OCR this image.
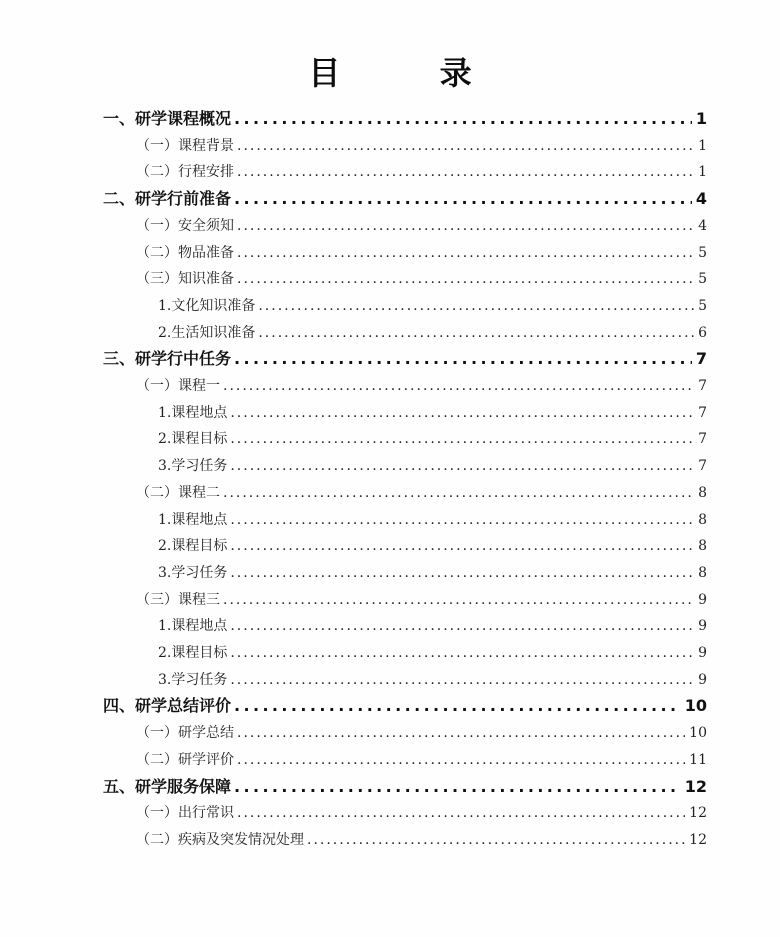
目 录
一、研学课程概况 .....	1
（一）课程背景 .....	1
（二）行程安排 .....	1
二、研学行前准备 .....	4
（一）安全须知 .....	4
（二）物品准备 .....	5
（三）知识准备 .....	5
1.文化知识准备 .....	5
2.生活知识准备 .....	6
三、研学行中任务 .....	7
（一）课程一 .....	7
1.课程地点 .....	7
2.课程目标 .....	7
3.学习任务 .....	7
（二）课程二 .....	8
1.课程地点 .....	8
2.课程目标 .....	8
3.学习任务 .....	8
（三）课程三 .....	9
1.课程地点 .....	9
2.课程目标 .....	9
3.学习任务 .....	9
四、研学总结评价 .....	10
（一）研学总结 .....	10
（二）研学评价 .....	11
五、研学服务保障 .....	12
（一）出行常识 .....	12
（二）疾病及突发情况处理 .....	12
